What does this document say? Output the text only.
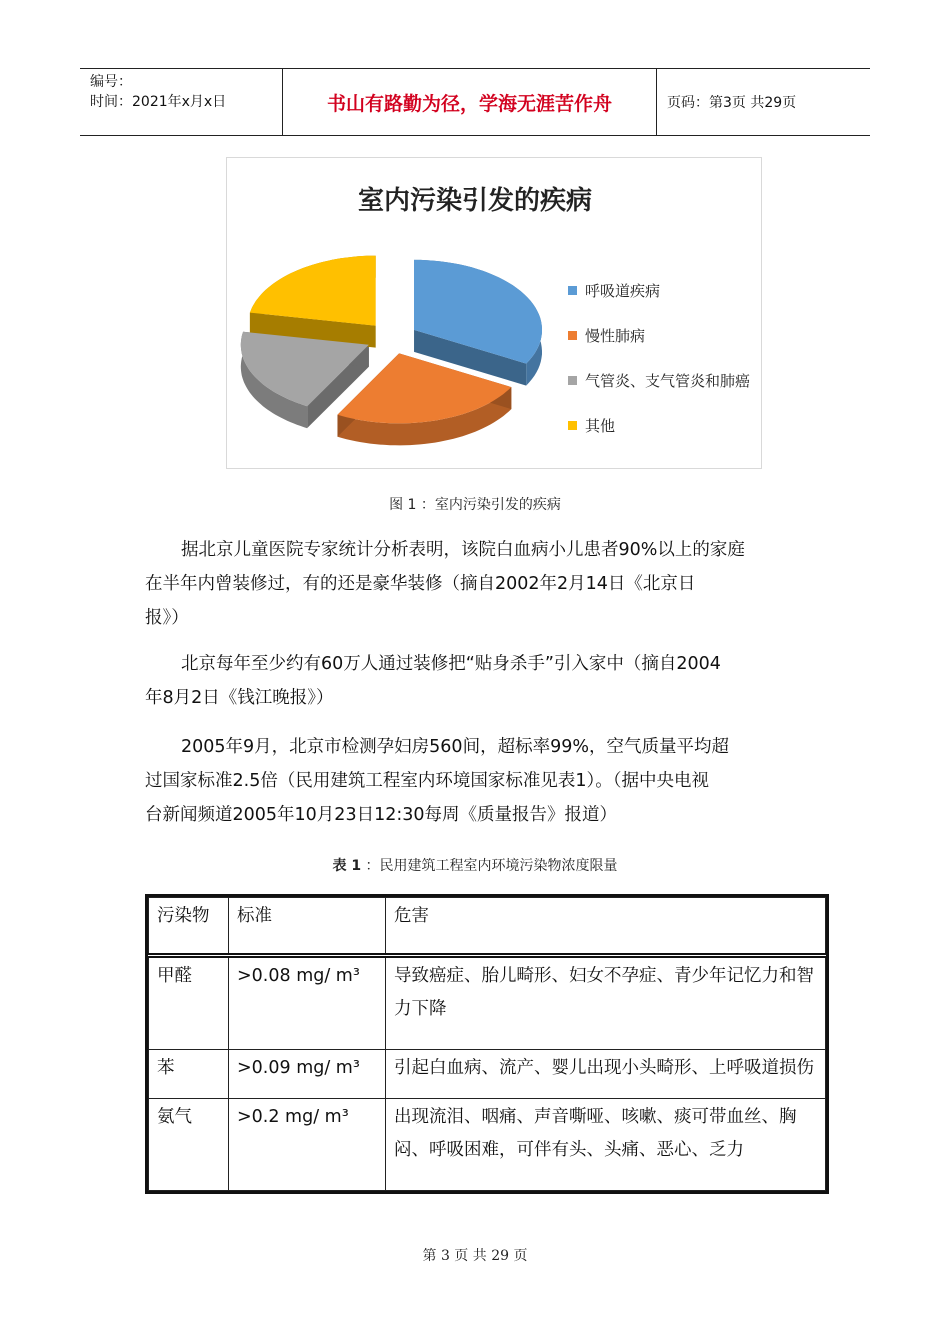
编号：
时间：2021年x月x日	书山有路勤为径，学海无涯苦作舟	页码：第3页 共29页
室内污染引发的疾病
呼吸道疾病
慢性肺病
气管炎、支气管炎和肺癌
其他
图 1 ：室内污染引发的疾病
据北京儿童医院专家统计分析表明，该院白血病小儿患者90%以上的家庭
在半年内曾装修过，有的还是豪华装修（摘自2002年2月14日《北京日
报》）
北京每年至少约有60万人通过装修把“贴身杀手”引入家中（摘自2004
年8月2日《钱江晚报》）
2005年9月，北京市检测孕妇房560间，超标率99%，空气质量平均超
过国家标准2.5倍（民用建筑工程室内环境国家标准见表1）。（据中央电视
台新闻频道2005年10月23日12:30每周《质量报告》报道）
表 1 ：民用建筑工程室内环境污染物浓度限量
污染物	标准	危害
甲醛	>0.08 mg/ m³	导致癌症、胎儿畸形、妇女不孕症、青少年记忆力和智力下降
苯	>0.09 mg/ m³	引起白血病、流产、婴儿出现小头畸形、上呼吸道损伤
氨气	>0.2 mg/ m³	出现流泪、咽痛、声音嘶哑、咳嗽、痰可带血丝、胸闷、呼吸困难，可伴有头、头痛、恶心、乏力
第 3 页 共 29 页
